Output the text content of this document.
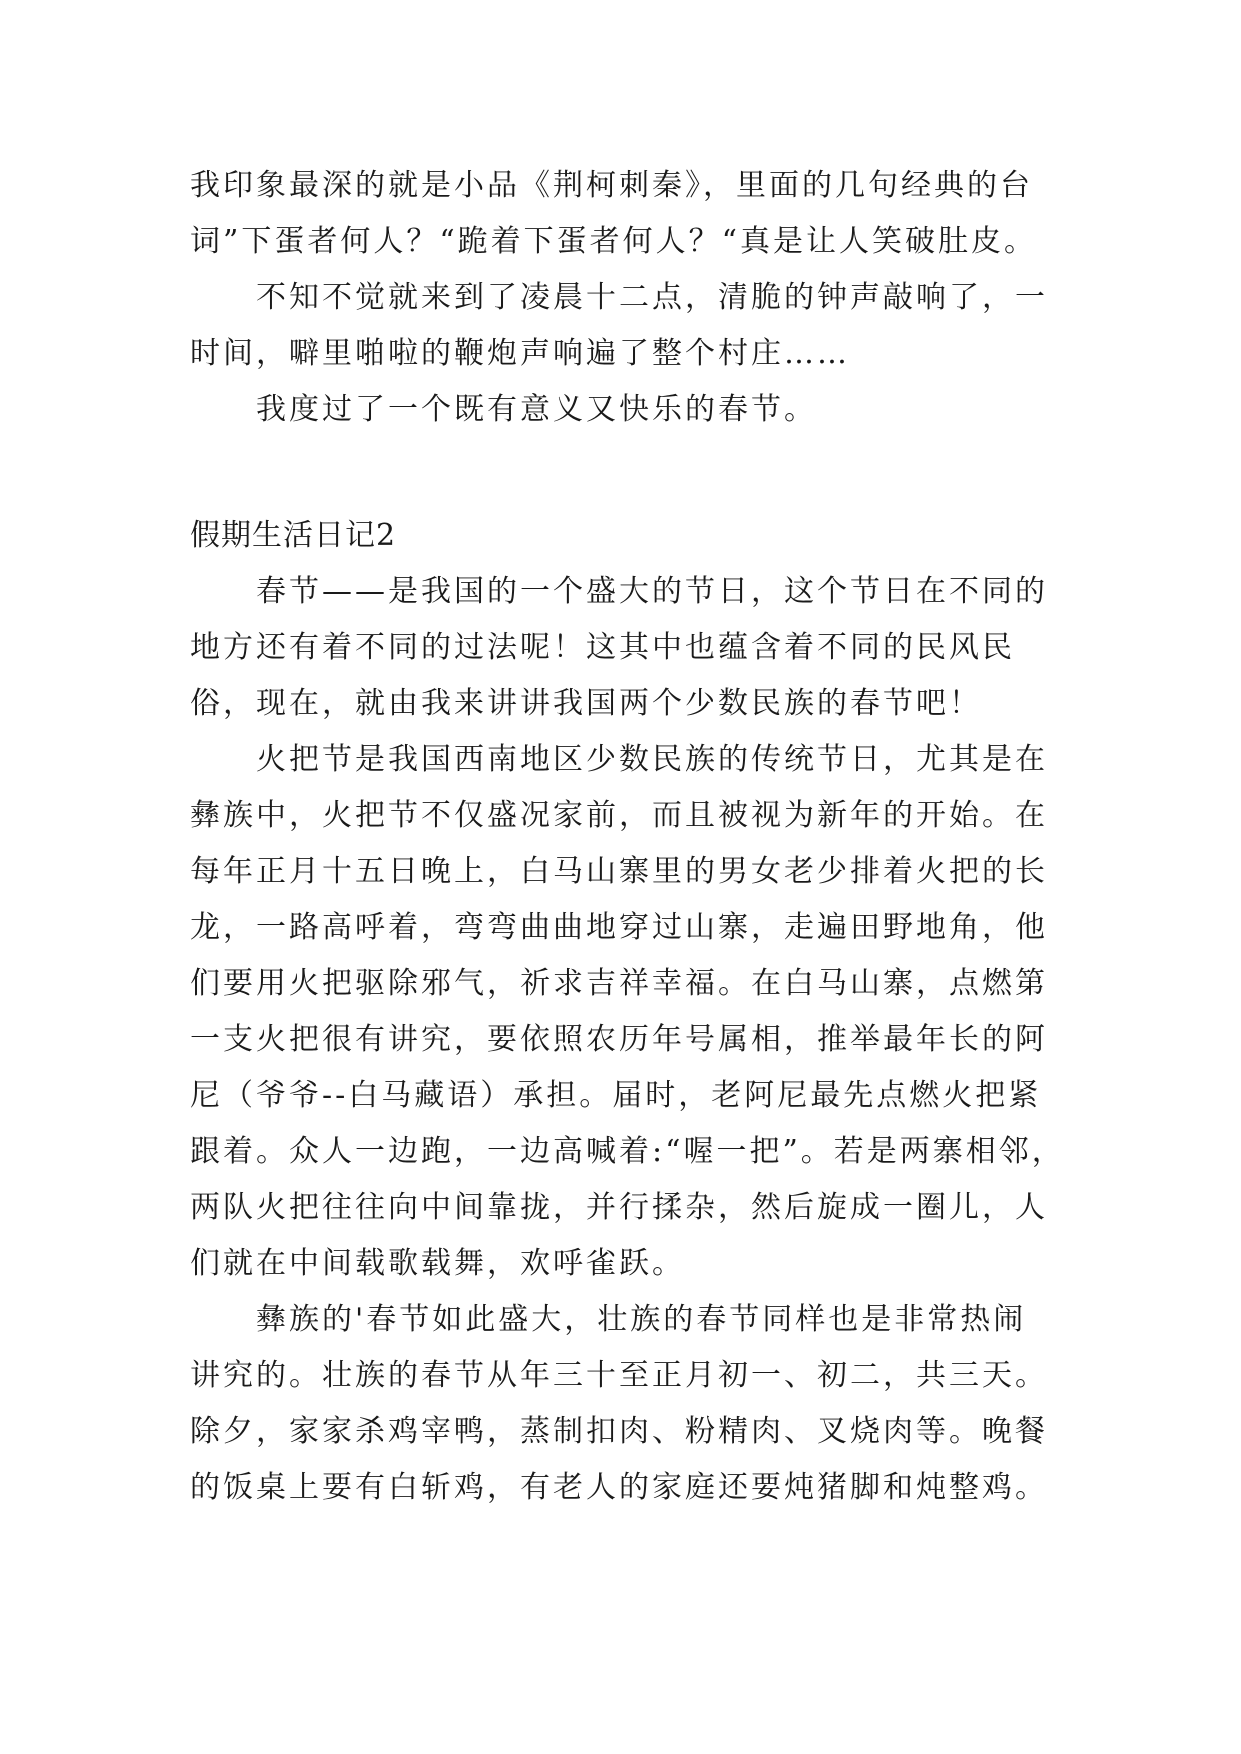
我印象最深的就是小品《荆柯刺秦》，里面的几句经典的台
词”下蛋者何人？“跪着下蛋者何人？“真是让人笑破肚皮。
不知不觉就来到了凌晨十二点，清脆的钟声敲响了，一
时间，噼里啪啦的鞭炮声响遍了整个村庄……
我度过了一个既有意义又快乐的春节。
假期生活日记2
春节——是我国的一个盛大的节日，这个节日在不同的
地方还有着不同的过法呢！这其中也蕴含着不同的民风民
俗，现在，就由我来讲讲我国两个少数民族的春节吧！
火把节是我国西南地区少数民族的传统节日，尤其是在
彝族中，火把节不仅盛况家前，而且被视为新年的开始。在
每年正月十五日晚上，白马山寨里的男女老少排着火把的长
龙，一路高呼着，弯弯曲曲地穿过山寨，走遍田野地角，他
们要用火把驱除邪气，祈求吉祥幸福。在白马山寨，点燃第
一支火把很有讲究，要依照农历年号属相，推举最年长的阿
尼（爷爷--白马藏语）承担。届时，老阿尼最先点燃火把紧
跟着。众人一边跑，一边高喊着:“喔一把”。若是两寨相邻，
两队火把往往向中间靠拢，并行揉杂，然后旋成一圈儿，人
们就在中间载歌载舞，欢呼雀跃。
彝族的'春节如此盛大，壮族的春节同样也是非常热闹
讲究的。壮族的春节从年三十至正月初一、初二，共三天。
除夕，家家杀鸡宰鸭，蒸制扣肉、粉精肉、叉烧肉等。晚餐
的饭桌上要有白斩鸡，有老人的家庭还要炖猪脚和炖整鸡。
